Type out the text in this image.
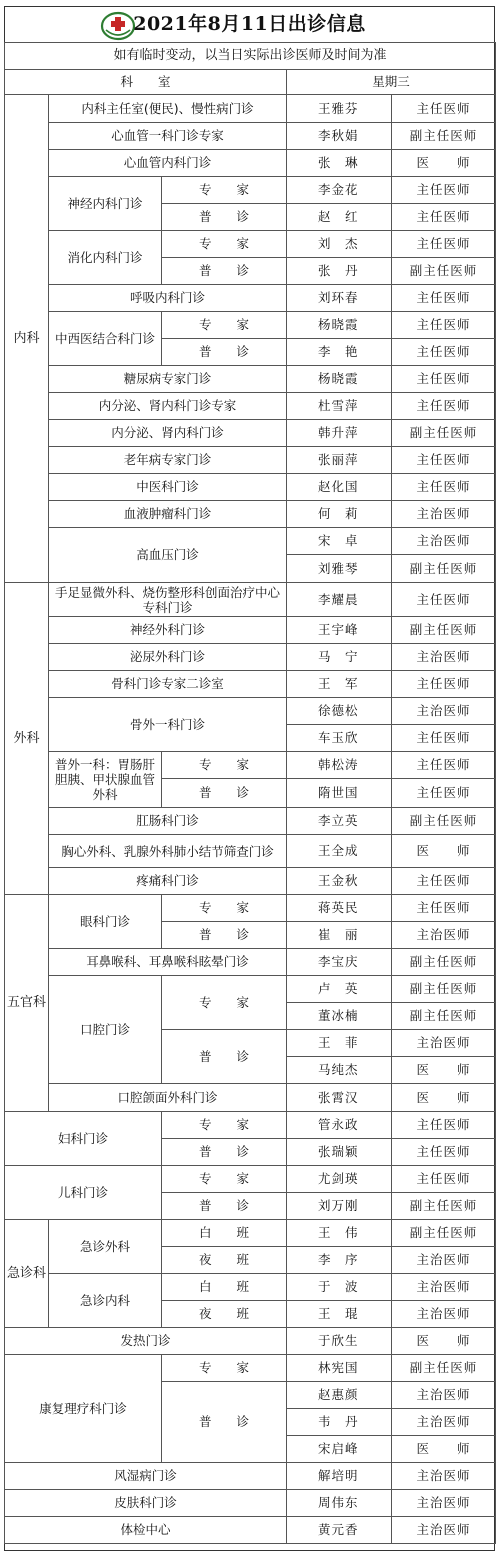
2021年8月11日出诊信息
如有临时变动，以当日实际出诊医师及时间为准				
科　　室			星期三	
内科	内科主任室(便民)、慢性病门诊		王雅芬	主任医师
	心血管一科门诊专家		李秋娟	副主任医师
	心血管内科门诊		张　琳	医　　师
	神经内科门诊	专　　家	李金花	主任医师
		普　　诊	赵　红	主任医师
	消化内科门诊	专　　家	刘　杰	主任医师
		普　　诊	张　丹	副主任医师
	呼吸内科门诊		刘环春	主任医师
	中西医结合科门诊	专　　家	杨晓霞	主任医师
		普　　诊	李　艳	主任医师
	糖尿病专家门诊		杨晓霞	主任医师
	内分泌、肾内科门诊专家		杜雪萍	主任医师
	内分泌、肾内科门诊		韩升萍	副主任医师
	老年病专家门诊		张丽萍	主任医师
	中医科门诊		赵化国	主任医师
	血液肿瘤科门诊		何　莉	主治医师
	高血压门诊		宋　卓	主治医师
			刘雅琴	副主任医师
外科	手足显微外科、烧伤整形科创面治疗中心专科门诊		李耀晨	主任医师
	神经外科门诊		王宇峰	副主任医师
	泌尿外科门诊		马　宁	主治医师
	骨科门诊专家二诊室		王　军	主任医师
	骨外一科门诊		徐德松	主治医师
			车玉欣	主任医师
	普外一科：胃肠肝胆胰、甲状腺血管外科	专　　家	韩松涛	主任医师
		普　　诊	隋世国	主任医师
	肛肠科门诊		李立英	副主任医师
	胸心外科、乳腺外科肺小结节筛查门诊		王全成	医　　师
	疼痛科门诊		王金秋	主任医师

五官科	眼科门诊	专　　家	蒋英民	主任医师
		普　　诊	崔　丽	主治医师
	耳鼻喉科、耳鼻喉科眩晕门诊		李宝庆	副主任医师
	口腔门诊	专　　家	卢　英	副主任医师
			董冰楠	副主任医师
		普　　诊	王　菲	主治医师
			马纯杰	医　　师
	口腔颌面外科门诊		张霄汉	医　　师
妇科门诊		专　　家	管永政	主任医师
		普　　诊	张瑞颖	主任医师
儿科门诊		专　　家	尤剑瑛	主任医师
		普　　诊	刘万刚	副主任医师
急诊科	急诊外科	白　　班	王　伟	副主任医师
		夜　　班	李　序	主治医师
	急诊内科	白　　班	于　波	主治医师
		夜　　班	王　琨	主治医师
发热门诊			于欣生	医　　师
康复理疗科门诊		专　　家	林宪国	副主任医师
		普　　诊	赵惠颜	主治医师
			韦　丹	主治医师
			宋启峰	医　　师
风湿病门诊			解培明	主治医师
皮肤科门诊			周伟东	主治医师
体检中心			黄元香	主治医师
